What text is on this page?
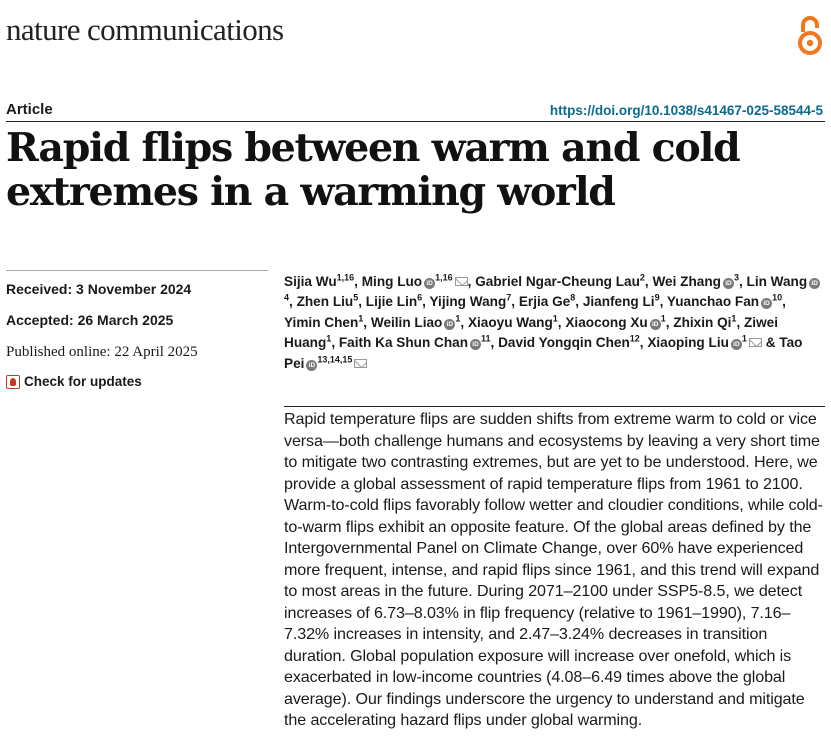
nature communications
Article	https://doi.org/10.1038/s41467-025-58544-5
Rapid flips between warm and cold extremes in a warming world
Received: 3 November 2024
Accepted: 26 March 2025
Published online: 22 April 2025
Check for updates

Sijia Wu$^{1,16}$, Ming Luo iD$^{1,16}$ , Gabriel Ngar-Cheung Lau$^2$, Wei Zhang $iD^3$, Lin Wang $iD^4$, Zhen Liu$^5$, Lijie Lin$^6$, Yijing Wang$^7$, Erjia Ge$^8$, Jianfeng Li$^9$, Yuanchao Fan $iD^{10}$, Yimin Chen$^1$, Weilin Liao $iD^1$, Xiaoyu Wang$^1$, Xiaocong Xu $iD^1$, Zhixin Qi$^1$, Ziwei Huang$^1$, Faith Ka Shun Chan $iD^{11}$, David Yongqin Chen$^{12}$, Xiaoping Liu $iD^1$ & Tao Pei iD$^{13,14,15}$

Rapid temperature flips are sudden shifts from extreme warm to cold or vice versa—both challenge humans and ecosystems by leaving a very short time to mitigate two contrasting extremes, but are yet to be understood. Here, we provide a global assessment of rapid temperature flips from 1961 to 2100. Warm-to-cold flips favorably follow wetter and cloudier conditions, while cold-to-warm flips exhibit an opposite feature. Of the global areas defined by the Intergovernmental Panel on Climate Change, over 60% have experienced more frequent, intense, and rapid flips since 1961, and this trend will expand to most areas in the future. During 2071–2100 under SSP5-8.5, we detect increases of 6.73–8.03% in flip frequency (relative to 1961–1990), 7.16–7.32% increases in intensity, and 2.47–3.24% decreases in transition duration. Global population exposure will increase over onefold, which is exacerbated in low-income countries (4.08–6.49 times above the global average). Our findings underscore the urgency to understand and mitigate the accelerating hazard flips under global warming.
